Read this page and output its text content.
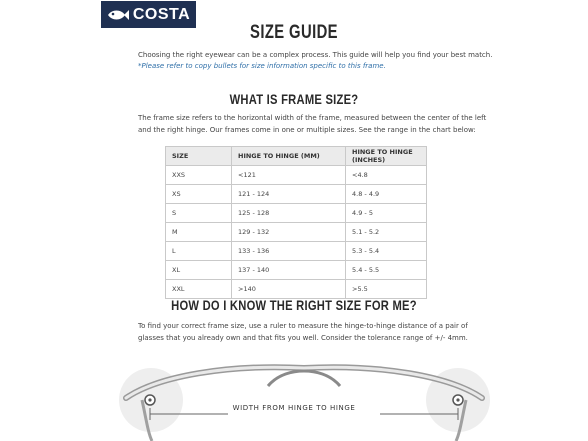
COSTA
SIZE GUIDE
Choosing the right eyewear can be a complex process. This guide will help you find your best match.
*Please refer to copy bullets for size information specific to this frame.
WHAT IS FRAME SIZE?
The frame size refers to the horizontal width of the frame, measured between the center of the left
and the right hinge. Our frames come in one or multiple sizes. See the range in the chart below:
SIZE	HINGE TO HINGE (MM)	HINGE TO HINGE (INCHES)
XXS	<121	<4.8
XS	121 - 124	4.8 - 4.9
S	125 - 128	4.9 - 5
M	129 - 132	5.1 - 5.2
L	133 - 136	5.3 - 5.4
XL	137 - 140	5.4 - 5.5
XXL	>140	>5.5
HOW DO I KNOW THE RIGHT SIZE FOR ME?
To find your correct frame size, use a ruler to measure the hinge-to-hinge distance of a pair of
glasses that you already own and that fits you well. Consider the tolerance range of +/- 4mm.
WIDTH FROM HINGE TO HINGE
